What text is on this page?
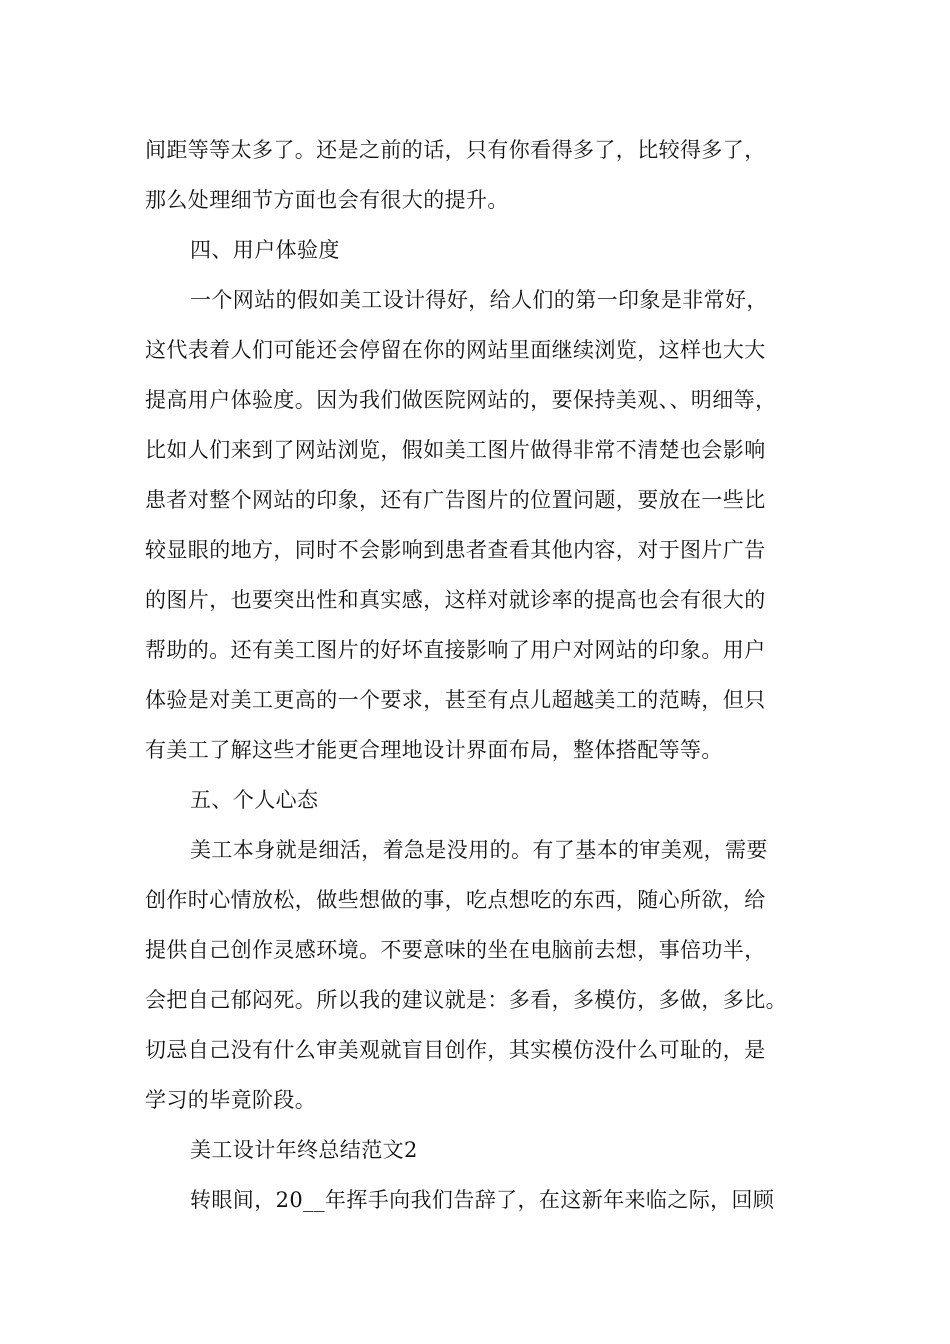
间距等等太多了。还是之前的话，只有你看得多了，比较得多了，
那么处理细节方面也会有很大的提升。
四、用户体验度
一个网站的假如美工设计得好，给人们的第一印象是非常好，
这代表着人们可能还会停留在你的网站里面继续浏览，这样也大大
提高用户体验度。因为我们做医院网站的，要保持美观、、明细等，
比如人们来到了网站浏览，假如美工图片做得非常不清楚也会影响
患者对整个网站的印象，还有广告图片的位置问题，要放在一些比
较显眼的地方，同时不会影响到患者查看其他内容，对于图片广告
的图片，也要突出性和真实感，这样对就诊率的提高也会有很大的
帮助的。还有美工图片的好坏直接影响了用户对网站的印象。用户
体验是对美工更高的一个要求，甚至有点儿超越美工的范畴，但只
有美工了解这些才能更合理地设计界面布局，整体搭配等等。
五、个人心态
美工本身就是细活，着急是没用的。有了基本的审美观，需要
创作时心情放松，做些想做的事，吃点想吃的东西，随心所欲，给
提供自己创作灵感环境。不要意味的坐在电脑前去想，事倍功半，
会把自己郁闷死。所以我的建议就是：多看，多模仿，多做，多比。
切忌自己没有什么审美观就盲目创作，其实模仿没什么可耻的，是
学习的毕竟阶段。
美工设计年终总结范文2
转眼间，20__年挥手向我们告辞了，在这新年来临之际，回顾
